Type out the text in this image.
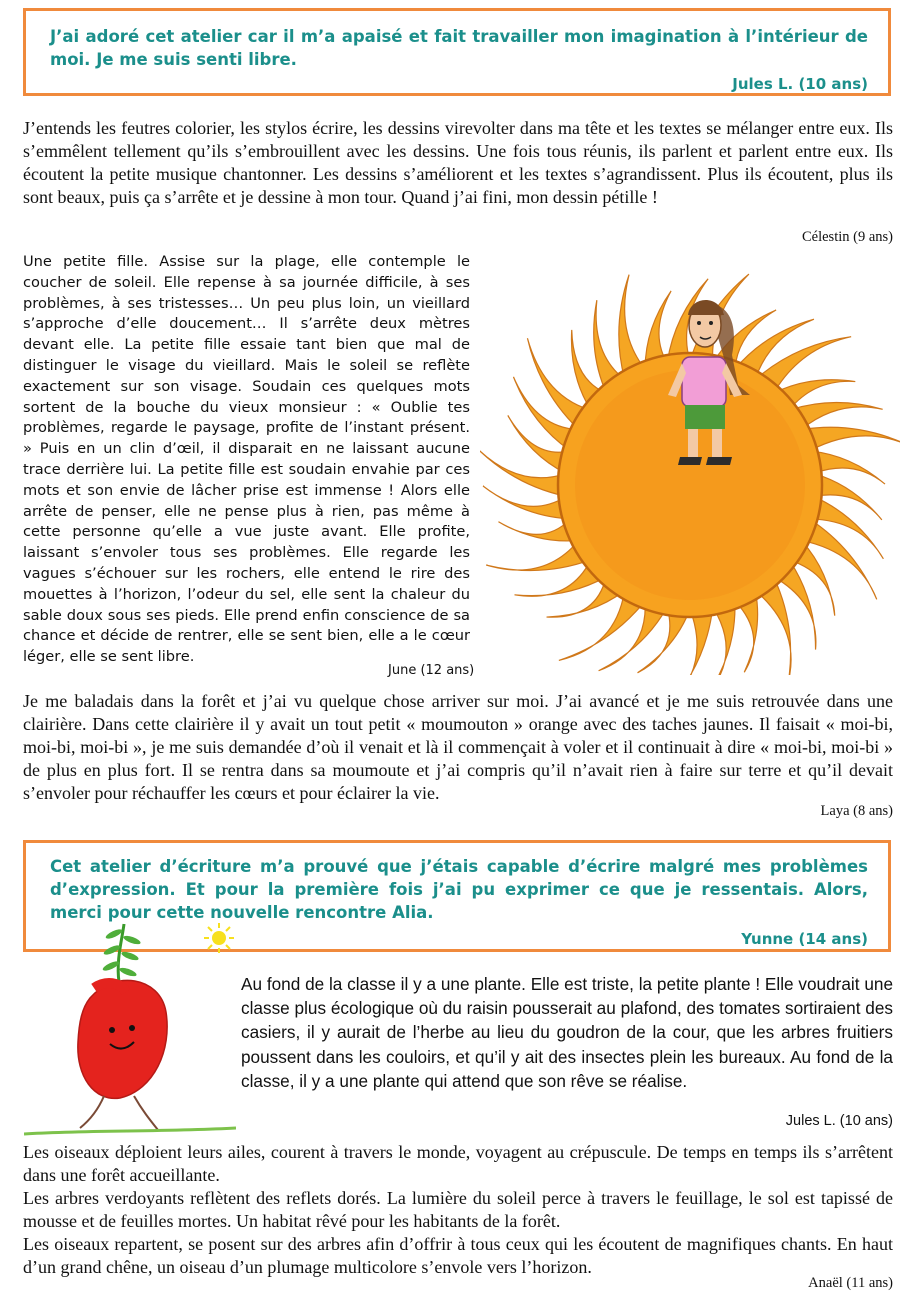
J’ai adoré cet atelier car il m’a apaisé et fait travailler mon imagination à l’intérieur de moi. Je me suis senti libre.

Jules L. (10 ans)

J’entends les feutres colorier, les stylos écrire, les dessins virevolter dans ma tête et les textes se mélanger entre eux. Ils s’emmêlent tellement qu’ils s’embrouillent avec les dessins. Une fois tous réunis, ils parlent et parlent entre eux. Ils écoutent la petite musique chantonner. Les dessins s’améliorent et les textes s’agrandissent. Plus ils écoutent, plus ils sont beaux, puis ça s’arrête et je dessine à mon tour. Quand j’ai fini, mon dessin pétille !

Célestin (9 ans)

Une petite fille. Assise sur la plage, elle contemple le coucher de soleil. Elle repense à sa journée difficile, à ses problèmes, à ses tristesses… Un peu plus loin, un vieillard s’approche d’elle doucement… Il s’arrête deux mètres devant elle. La petite fille essaie tant bien que mal de distinguer le visage du vieillard. Mais le soleil se reflète exactement sur son visage. Soudain ces quelques mots sortent de la bouche du vieux monsieur : « Oublie tes problèmes, regarde le paysage, profite de l’instant présent. » Puis en un clin d’œil, il disparait en ne laissant aucune trace derrière lui. La petite fille est soudain envahie par ces mots et son envie de lâcher prise est immense ! Alors elle arrête de penser, elle ne pense plus à rien, pas même à cette personne qu’elle a vue juste avant. Elle profite, laissant s’envoler tous ses problèmes. Elle regarde les vagues s’échouer sur les rochers, elle entend le rire des mouettes à l’horizon, l’odeur du sel, elle sent la chaleur du sable doux sous ses pieds. Elle prend enfin conscience de sa chance et décide de rentrer, elle se sent bien, elle a le cœur léger, elle se sent libre.

June (12 ans)

Je me baladais dans la forêt et j’ai vu quelque chose arriver sur moi. J’ai avancé et je me suis retrouvée dans une clairière. Dans cette clairière il y avait un tout petit « moumouton » orange avec des taches jaunes. Il faisait « moi-bi, moi-bi, moi-bi », je me suis demandée d’où il venait et là il commençait à voler et il continuait à dire « moi-bi, moi-bi » de plus en plus fort. Il se rentra dans sa moumoute et j’ai compris qu’il n’avait rien à faire sur terre et qu’il devait s’envoler pour réchauffer les cœurs et pour éclairer la vie.

Laya (8 ans)

Cet atelier d’écriture m’a prouvé que j’étais capable d’écrire malgré mes problèmes d’expression. Et pour la première fois j’ai pu exprimer ce que je ressentais. Alors, merci pour cette nouvelle rencontre Alia.

Yunne (14 ans)

Au fond de la classe il y a une plante. Elle est triste, la petite plante ! Elle voudrait une classe plus écologique où du raisin pousserait au plafond, des tomates sortiraient des casiers, il y aurait de l’herbe au lieu du goudron de la cour, que les arbres fruitiers poussent dans les couloirs, et qu’il y ait des insectes plein les bureaux. Au fond de la classe, il y a une plante qui attend que son rêve se réalise.

Jules L. (10 ans)

Les oiseaux déploient leurs ailes, courent à travers le monde, voyagent au crépuscule. De temps en temps ils s’arrêtent dans une forêt accueillante.
Les arbres verdoyants reflètent des reflets dorés. La lumière du soleil perce à travers le feuillage, le sol est tapissé de mousse et de feuilles mortes. Un habitat rêvé pour les habitants de la forêt.
Les oiseaux repartent, se posent sur des arbres afin d’offrir à tous ceux qui les écoutent de magnifiques chants. En haut d’un grand chêne, un oiseau d’un plumage multicolore s’envole vers l’horizon.

Anaël (11 ans)
